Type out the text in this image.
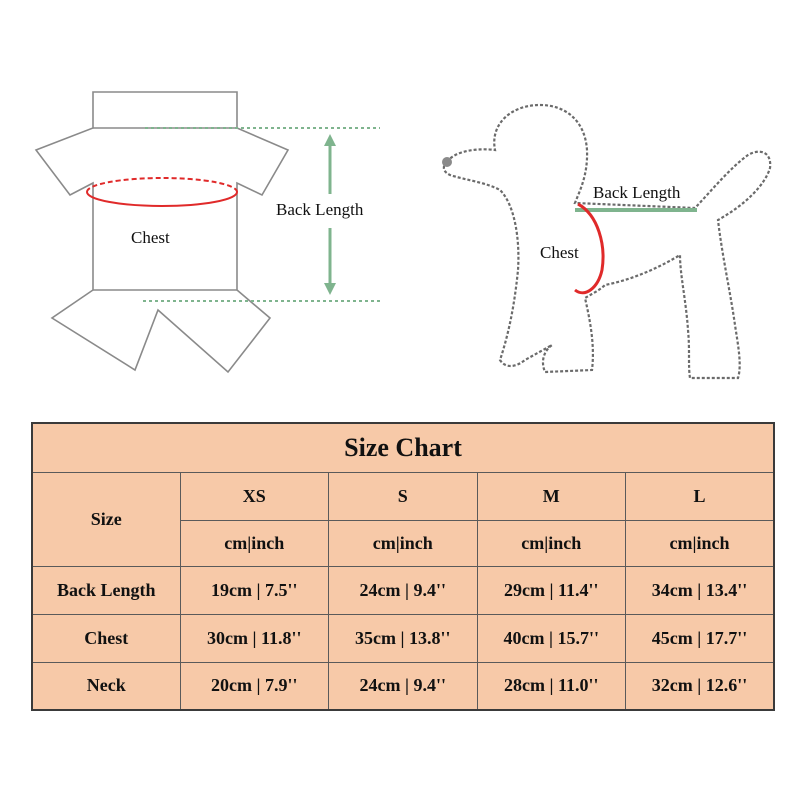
Chest
Back Length
Back Length
Chest
Size Chart				
Size	XS	S	M	L
	cm|inch	cm|inch	cm|inch	cm|inch
Back Length	19cm | 7.5''	24cm | 9.4''	29cm | 11.4''	34cm | 13.4''
Chest	30cm | 11.8''	35cm | 13.8''	40cm | 15.7''	45cm | 17.7''
Neck	20cm | 7.9''	24cm | 9.4''	28cm | 11.0''	32cm | 12.6''
